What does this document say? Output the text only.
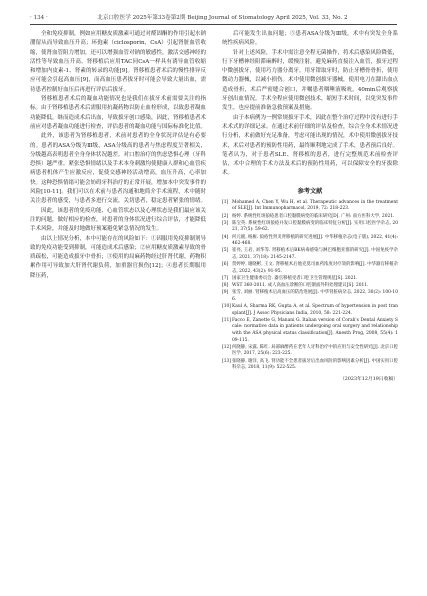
· 134 ·	北京口腔医学 2025年第33卷第2期 Beijing Journal of Stomatology April 2025, Vol. 33, No. 2

全和免疫抑制，例如应用糖皮质激素可通过对醛固酮的作用引起水钠潴留从而导致血压升高；环孢素（ciclosporin，CsA）引起肾脏血管收缩，使肾血管阻力增加，还可以增强血管对钠的敏感性，激活交感神经的活性等导致血压升高。肾移植后应用TAC同CsA一样具有诱导血管收缩和增加内皮素-1、肾素的转录的功能[9]。肾移植患者术后的慢性排异反应可能会引起高血压[9]，而高血压患者拔牙时可能会导致大量出血，需待患者控制好血压后再进行评估后拔牙。

肾移植患者术后的凝血功能情况也是我们在拔牙术前需要关注的指标。由于肾移植患者术后需服用抗凝药物以防止血栓形成，以致患者凝血功能降低，继而造成术后出血，导致拔牙创口感染，因此，肾移植患者术前应对患者凝血功能进行检查，评估患者的凝血功能与国际标准化比值。

此外，该患者为肾移植患者，术前对患者的全身状况评估是有必要的。患者的ASA分级为Ⅲ级，ASA分级高的患者与焦虑程度呈著相关，分级越高表明患者全身身体状况越差。对口腔治疗的焦虑恐惧心理（牙科恐惧）越严重。紧张恐惧情绪以及手术本身刺激均使健康人群和心血管疾病患者机体产生应激反应，促使交感神经活动增高，血压升高，心率加快。这种恐惧情绪可能会妨碍牙科治疗的正常开展，增加本中突发事件的风险[10-11]。我们可以在术前与患者沟通和地简介手术流程，术中随时关注患者的感受，与患者多进行交流，关切患者，稳定患者紧张的情绪。

因此，该患者的免疫功能、心血管状态以及心理状态是我们最应该关注的问题，做好相应的检查，对患者的身体状况进行综合评估，才能降低手术风险，并能及时地做好预案避免紧急情况的发生。

由以上情况分析，本中可能存在的风险如下：①因服用免疫抑制剂导致的免疫功能受到抑制，可能造成术后感染；②应用糖皮质激素导致的骨质疏松，可能造成拔牙中骨折；③使用的局麻药物经过肝肾代谢，药物积累作用可导致加大肝肾代谢负荷，加重器官损伤[12]；④患者长期服用降压药，

后可能发生出血问题；⑤患者ASA分级为Ⅲ级，术中有突发全身系统性疾病风险。

针对上述风险，手术中需注意全程无菌操作，将术后感染风险降低，行下牙槽神经阻滞麻醉时，缓慢注射，避免麻药直接注入血管，拔牙过程中微创拔牙，使用巧力器分离牙。用牙钳取牙时，防止牙槽骨骨折，使用微动力器械，以减小损伤。术中使用微创拔牙器械，使用电刀在龈出血点造成骨折，术后严密缝合创口，并嘱患者咽唾液吸吮，40min后观察拔牙创出血情况。手术全程应使用微创技术，缩短手术时间，以免突发事件发生，也应提前准备急救预案及措施。

由于本病例为一例常规拔牙手术，因此在整个治疗过程中没有进行手术术式的详细记录。在通过术前仔细的评估及检查，综合全身术术情况进行分析，术前做好充足准备，考虑可能出现的情况，术中使用微创拔牙技术，术后对患者的预防性用药，最终顺利地完成了手术，患者预后良好。笔者认为，对于患者SLE、肾移植的患者，进行完整规范术前检查评估，术中合理的手术方法及术后的预防性用药，可以保障安全的牙拔除术。

参考文献
[1] Mohamed A, Chen Y, Wu H, et al. Therapeutic advances in the treatment of SLE[J]. Int Immunopharmacol, 2019, 72: 218-223.
[2] 杨婷. 系统性红斑狼疮患者口腔黏膜病变的临床研究[D]. 广州: 南方医科大学, 2021.
[3] 陈宝英. 系统性红斑狼疮并发口腔黏膜病变的临床特征分析[J]. 实用口腔医学杂志, 2021, 37(5): 59-62.
[4] 何元媛, 杨雁. 狼疮性肾炎肾移植的研究进展[J]. 中华移植杂志(电子版), 2022, 41(4): 462-468.
[5] 崔亮, 王岩, 刘华等. 肾移植术后BK病毒感染与淋巴细胞亚群的研究[J]. 中国免疫学杂志, 2021, 37(18): 2145-2147.
[6] 贺婷婷, 谢晓彬, 王文. 肾移植术后他克莫司血药浓度对疗效的影响[J]. 中华器官移植杂志, 2022, 43(2): 91-95.
[7] 国家卫生健康委员会. 器官移植受者口腔卫生管理规范[S]. 2021.
[8] WST 360-2011. 成人高血压诊断的口腔颌面外科处理建议[S]. 2011.
[9] 张雪, 刘丽. 肾移植术后高血压的防治进展[J]. 中华肾脏病杂志, 2022, 30(2): 100-106.
[10] Kaul A, Sharma RK, Gupta A, et al. Spectrum of hypertension in post transplant[J]. J Assoc Physicians India, 2010, 58: 221-224.
[11] Facco E, Zanette G, Manani G. Italian version of Corah's Dental Anxiety Scale: normative data in patients undergoing oral surgery and relationship with the ASA physical status classification[J]. Anesth Prog, 2008, 55(4): 109-115.
[12] 何晓静, 宋露, 陈红. 局部麻醉药在老年人牙科治疗中的应用与安全性研究[J]. 北京口腔医学, 2017, 25(6): 223-225.
[13] 张晓静, 谢洋, 高飞. 肾功能不全患者拔牙后出血风险的影响因素分析[J]. 中国实用口腔科杂志, 2018, 11(9): 522-525.
（2023年12月19日收稿）
